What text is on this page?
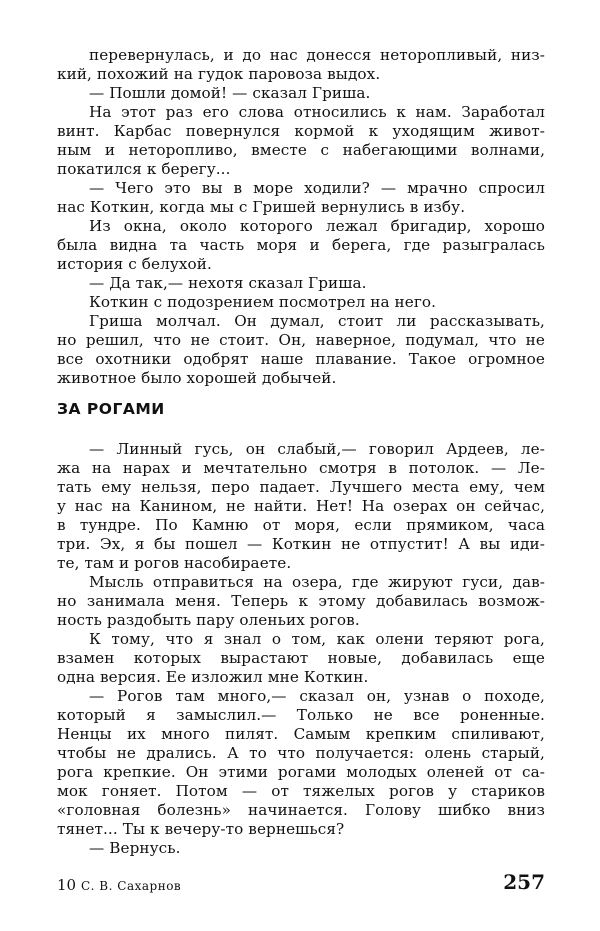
перевернулась, и до нас донесся неторопливый, низ-
кий, похожий на гудок паровоза выдох.
— Пошли домой! — сказал Гриша.
На этот раз его слова относились к нам. Заработал
винт. Карбас повернулся кормой к уходящим живот-
ным и неторопливо, вместе с набегающими волнами,
покатился к берегу...
— Чего это вы в море ходили? — мрачно спросил
нас Коткин, когда мы с Гришей вернулись в избу.
Из окна, около которого лежал бригадир, хорошо
была видна та часть моря и берега, где разыгралась
история с белухой.
— Да так,— нехотя сказал Гриша.
Коткин с подозрением посмотрел на него.
Гриша молчал. Он думал, стоит ли рассказывать,
но решил, что не стоит. Он, наверное, подумал, что не
все охотники одобрят наше плавание. Такое огромное
животное было хорошей добычей.
ЗА РОГАМИ
— Линный гусь, он слабый,— говорил Ардеев, ле-
жа на нарах и мечтательно смотря в потолок. — Ле-
тать ему нельзя, перо падает. Лучшего места ему, чем
у нас на Канином, не найти. Нет! На озерах он сейчас,
в тундре. По Камню от моря, если прямиком, часа
три. Эх, я бы пошел — Коткин не отпустит! А вы иди-
те, там и рогов насобираете.
Мысль отправиться на озера, где жируют гуси, дав-
но занимала меня. Теперь к этому добавилась возмож-
ность раздобыть пару оленьих рогов.
К тому, что я знал о том, как олени теряют рога,
взамен которых вырастают новые, добавилась еще
одна версия. Ее изложил мне Коткин.
— Рогов там много,— сказал он, узнав о походе,
который я замыслил.— Только не все роненные.
Ненцы их много пилят. Самым крепким спиливают,
чтобы не дрались. А то что получается: олень старый,
рога крепкие. Он этими рогами молодых оленей от са-
мок гоняет. Потом — от тяжелых рогов у стариков
«головная болезнь» начинается. Голову шибко вниз
тянет... Ты к вечеру-то вернешься?
— Вернусь.
10 С. В. Сахарнов	257
